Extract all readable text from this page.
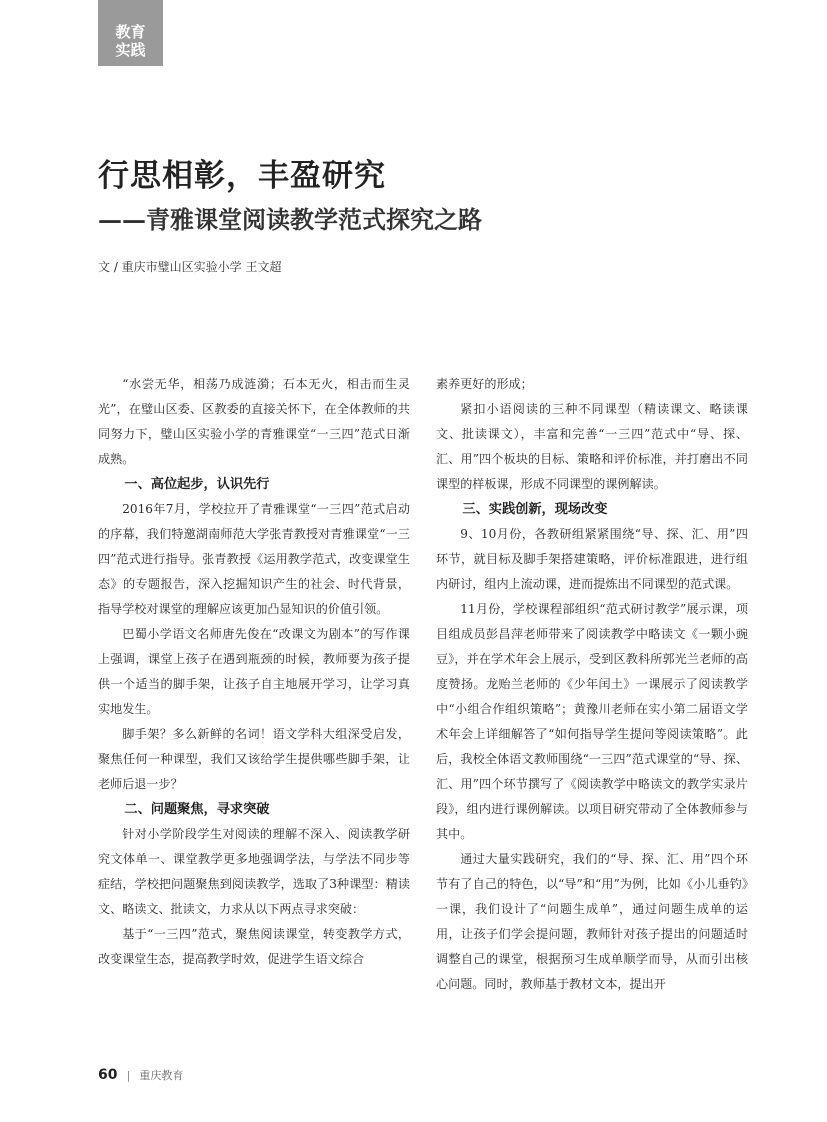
教育
实践
行思相彰，丰盈研究
——青雅课堂阅读教学范式探究之路
文 / 重庆市璧山区实验小学 王文超

“水尝无华，相荡乃成涟漪；石本无火，相击而生灵光”，在璧山区委、区教委的直接关怀下，在全体教师的共同努力下，璧山区实验小学的青雅课堂“一三四”范式日渐成熟。

一、高位起步，认识先行

2016年7月，学校拉开了青雅课堂“一三四”范式启动的序幕，我们特邀湖南师范大学张青教授对青雅课堂“一三四”范式进行指导。张青教授《运用教学范式，改变课堂生态》的专题报告，深入挖掘知识产生的社会、时代背景，指导学校对课堂的理解应该更加凸显知识的价值引领。

巴蜀小学语文名师唐先俊在“改课文为剧本”的写作课上强调，课堂上孩子在遇到瓶颈的时候，教师要为孩子提供一个适当的脚手架，让孩子自主地展开学习，让学习真实地发生。

脚手架？多么新鲜的名词！语文学科大组深受启发，聚焦任何一种课型，我们又该给学生提供哪些脚手架，让老师后退一步？

二、问题聚焦，寻求突破

针对小学阶段学生对阅读的理解不深入、阅读教学研究文体单一、课堂教学更多地强调学法，与学法不同步等症结，学校把问题聚焦到阅读教学，选取了3种课型：精读文、略读文、批读文，力求从以下两点寻求突破：

基于“一三四”范式，聚焦阅读课堂，转变教学方式，改变课堂生态，提高教学时效，促进学生语文综合

素养更好的形成；

紧扣小语阅读的三种不同课型（精读课文、略读课文、批读课文），丰富和完善“一三四”范式中“导、探、汇、用”四个板块的目标、策略和评价标准，并打磨出不同课型的样板课，形成不同课型的课例解读。

三、实践创新，现场改变

9、10月份，各教研组紧紧围绕“导、探、汇、用”四环节，就目标及脚手架搭建策略，评价标准跟进，进行组内研讨，组内上流动课，进而提炼出不同课型的范式课。

11月份，学校课程部组织“范式研讨教学”展示课，项目组成员彭昌萍老师带来了阅读教学中略读文《一颗小豌豆》，并在学术年会上展示，受到区教科所郭光兰老师的高度赞扬。龙贻兰老师的《少年闰土》一课展示了阅读教学中“小组合作组织策略”；黄豫川老师在实小第二届语文学术年会上详细解答了“如何指导学生提问等阅读策略”。此后，我校全体语文教师围绕“一三四”范式课堂的“导、探、汇、用”四个环节撰写了《阅读教学中略读文的教学实录片段》，组内进行课例解读。以项目研究带动了全体教师参与其中。

通过大量实践研究，我们的“导、探、汇、用”四个环节有了自己的特色，以“导”和“用”为例，比如《小儿垂钓》一课，我们设计了“问题生成单”，通过问题生成单的运用，让孩子们学会提问题，教师针对孩子提出的问题适时调整自己的课堂，根据预习生成单顺学而导，从而引出核心问题。同时，教师基于教材文本，提出开

60 | 重庆教育
